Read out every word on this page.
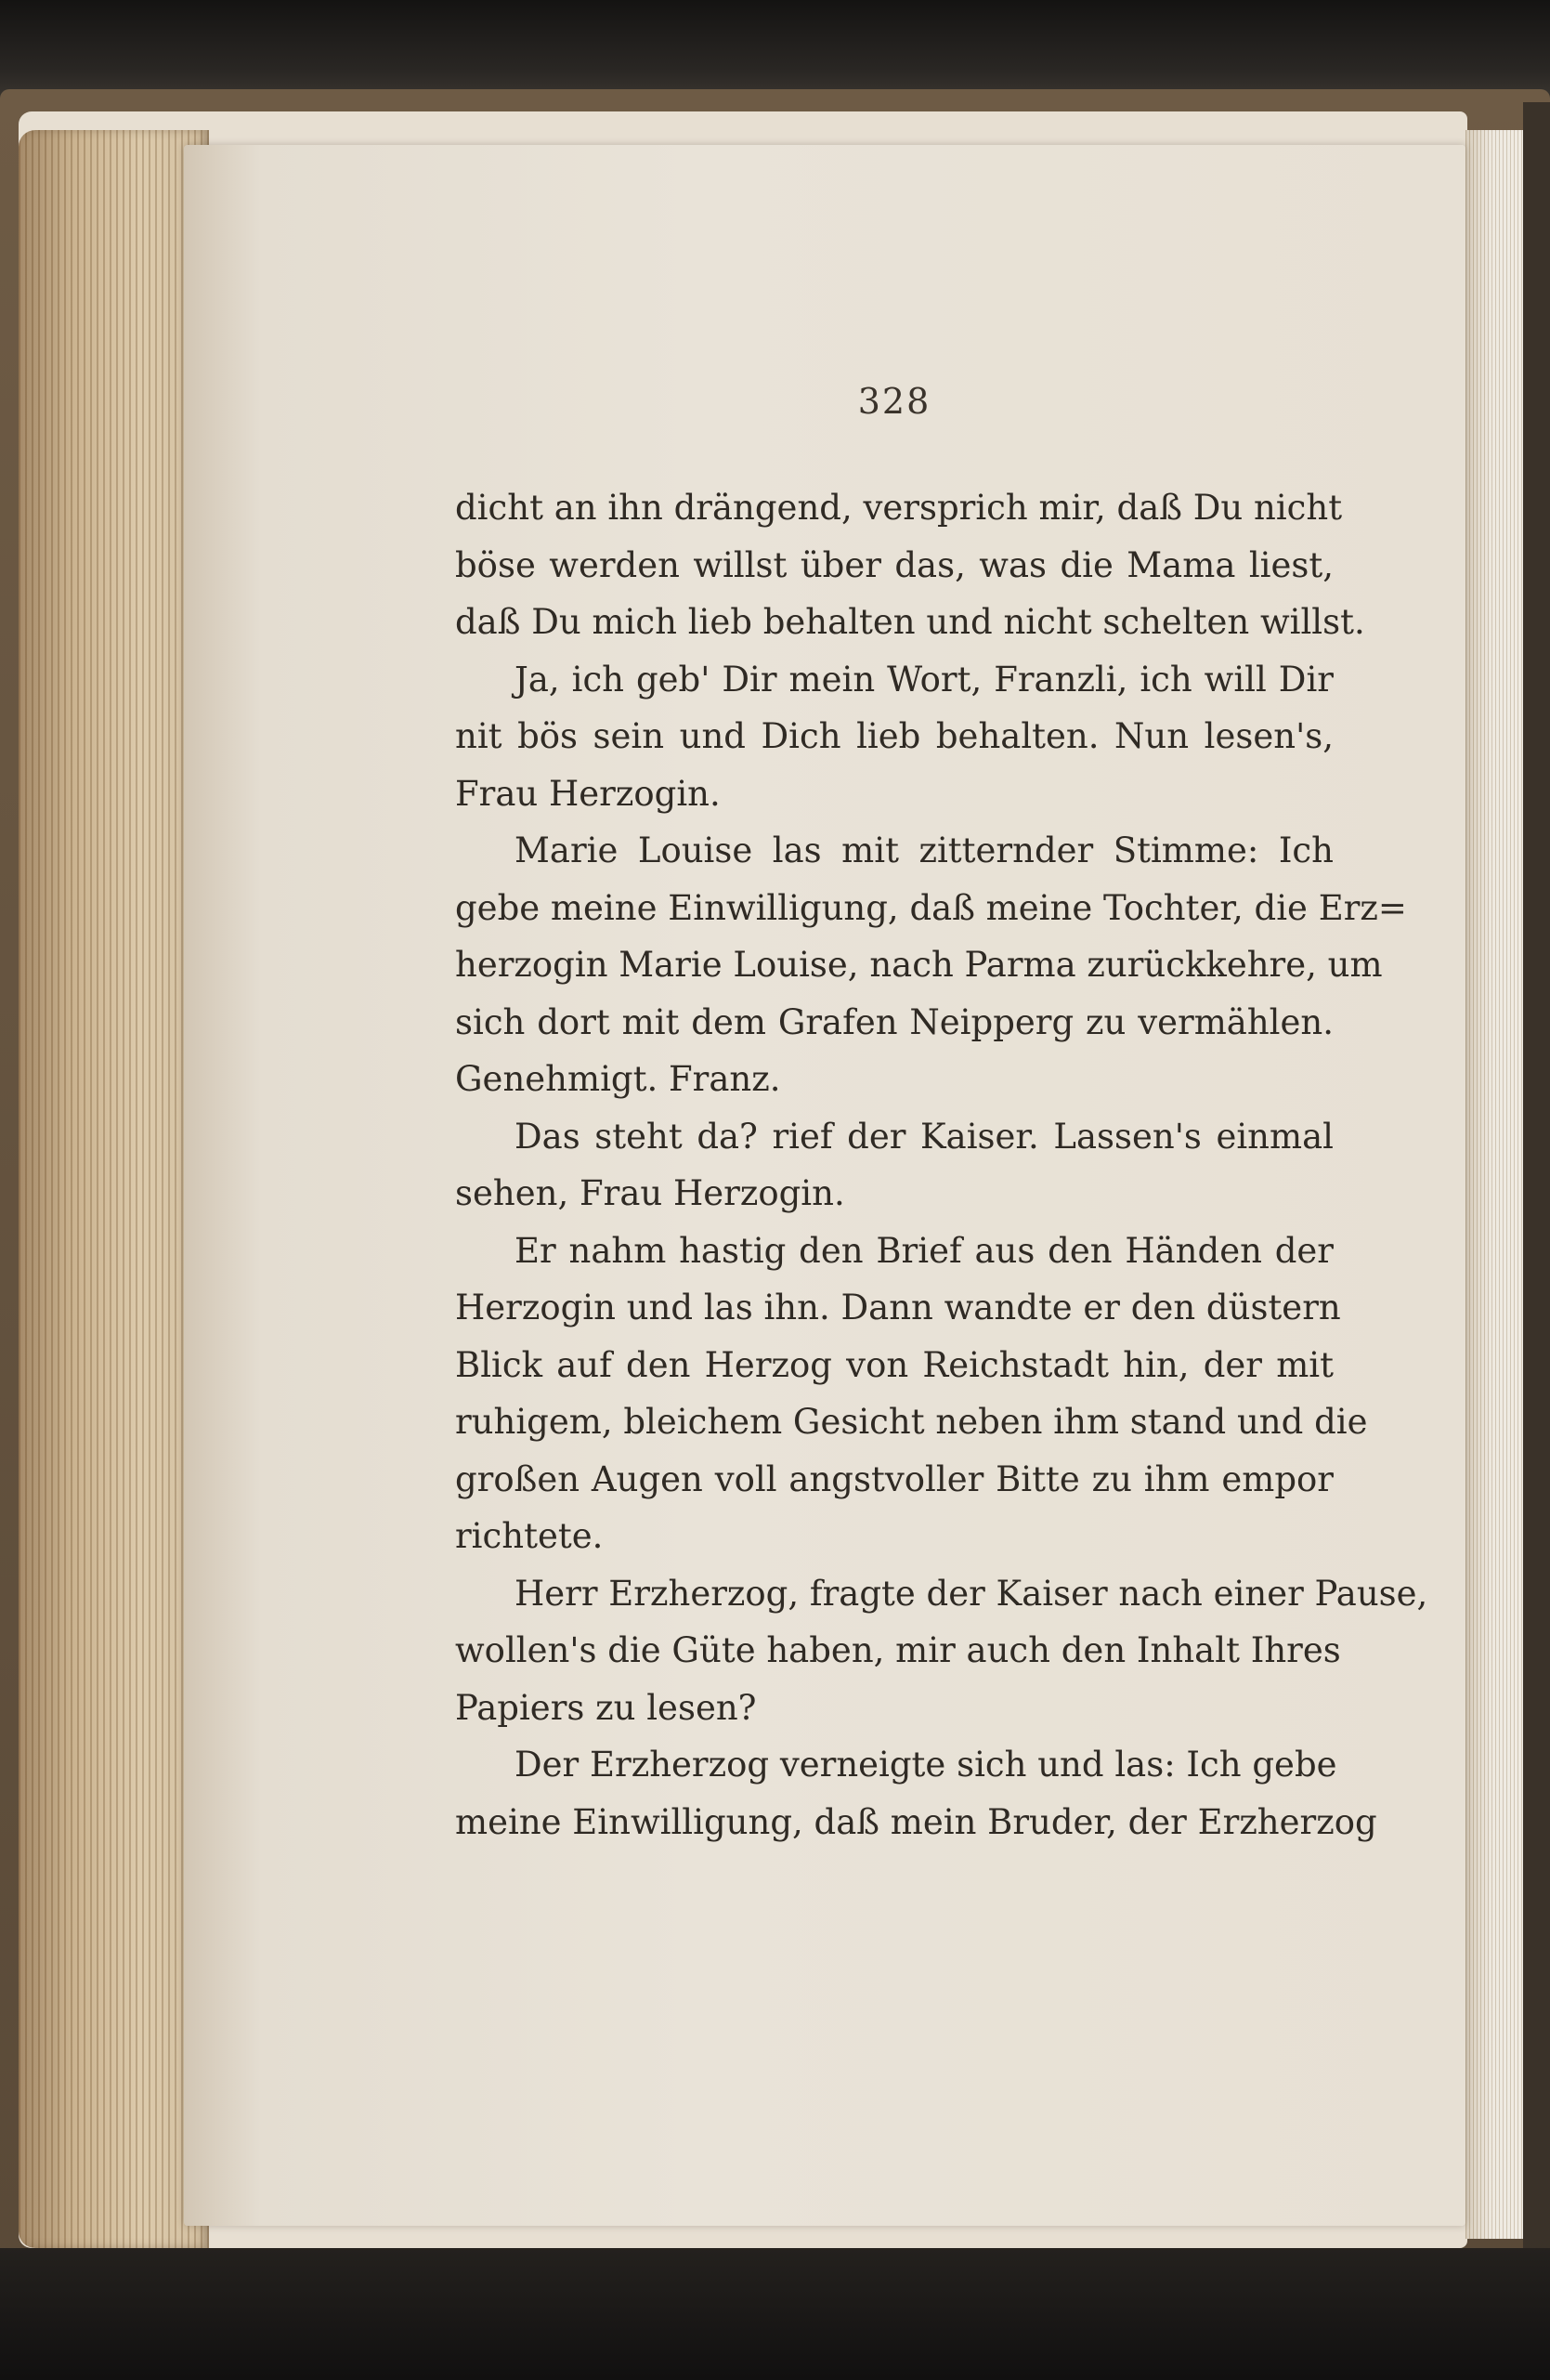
328
dicht an ihn drängend, versprich mir, daß Du nicht
böse werden willst über das, was die Mama liest,
daß Du mich lieb behalten und nicht schelten willst.
Ja, ich geb' Dir mein Wort, Franzli, ich will Dir
nit bös sein und Dich lieb behalten. Nun lesen's,
Frau Herzogin.
Marie Louise las mit zitternder Stimme: Ich
gebe meine Einwilligung, daß meine Tochter, die Erz=
herzogin Marie Louise, nach Parma zurückkehre, um
sich dort mit dem Grafen Neipperg zu vermählen.
Genehmigt. Franz.
Das steht da? rief der Kaiser. Lassen's einmal
sehen, Frau Herzogin.
Er nahm hastig den Brief aus den Händen der
Herzogin und las ihn. Dann wandte er den düstern
Blick auf den Herzog von Reichstadt hin, der mit
ruhigem, bleichem Gesicht neben ihm stand und die
großen Augen voll angstvoller Bitte zu ihm empor
richtete.
Herr Erzherzog, fragte der Kaiser nach einer Pause,
wollen's die Güte haben, mir auch den Inhalt Ihres
Papiers zu lesen?
Der Erzherzog verneigte sich und las: Ich gebe
meine Einwilligung, daß mein Bruder, der Erzherzog
